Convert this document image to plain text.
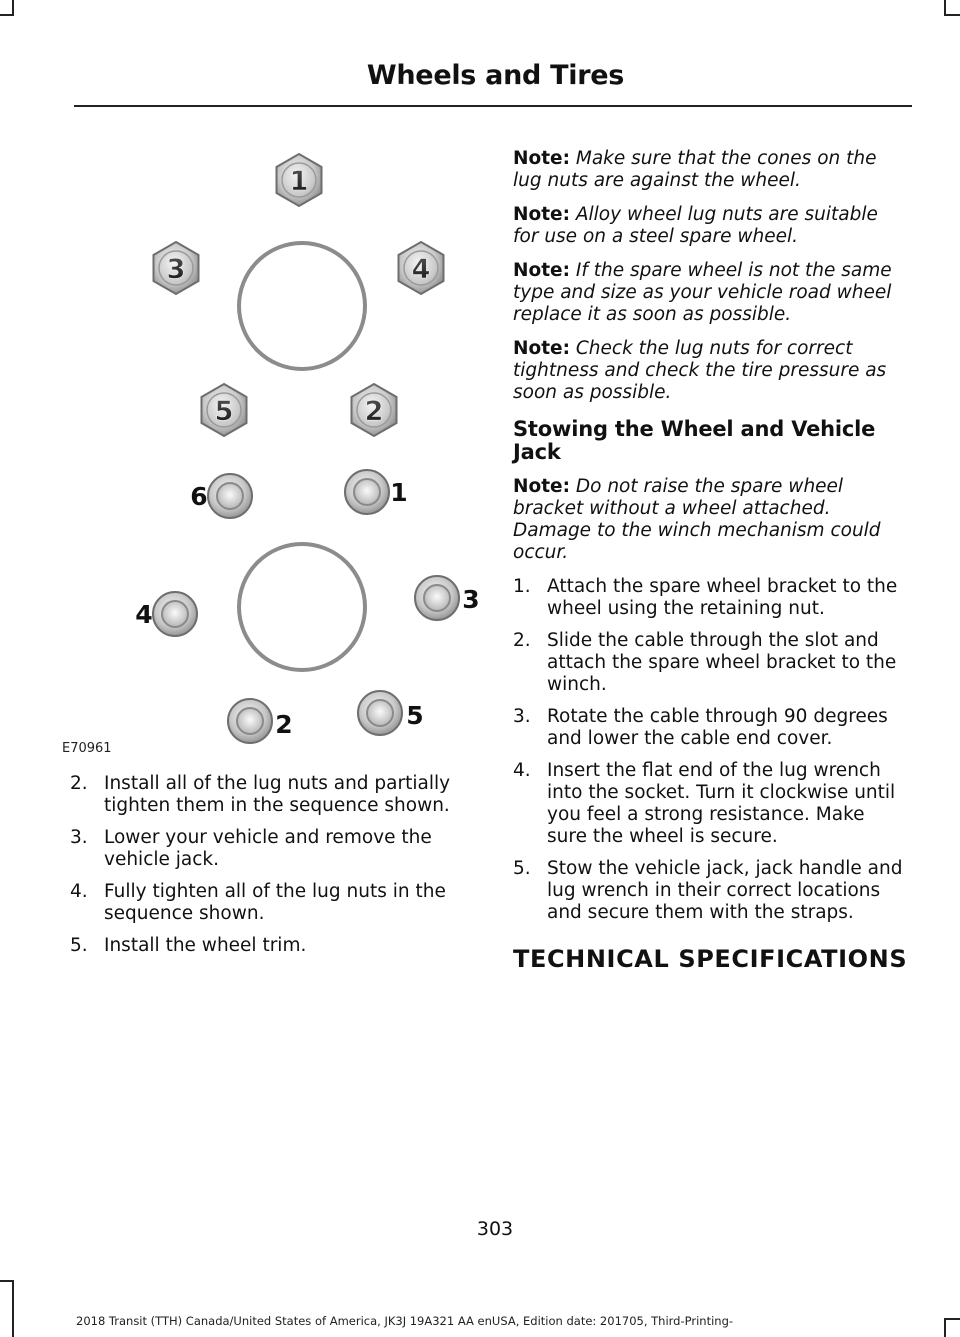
Wheels and Tires
1
3	4
5	2
6	1
4
3
2	5
E70961
2. Install all of the lug nuts and partially tighten them in the sequence shown.
3. Lower your vehicle and remove the vehicle jack.
4. Fully tighten all of the lug nuts in the sequence shown.
5. Install the wheel trim.

Note: Make sure that the cones on the lug nuts are against the wheel.

Note: Alloy wheel lug nuts are suitable for use on a steel spare wheel.

Note: If the spare wheel is not the same type and size as your vehicle road wheel replace it as soon as possible.

Note: Check the lug nuts for correct tightness and check the tire pressure as soon as possible.

Stowing the Wheel and Vehicle Jack

Note: Do not raise the spare wheel bracket without a wheel attached. Damage to the winch mechanism could occur.

1. Attach the spare wheel bracket to the wheel using the retaining nut.
2. Slide the cable through the slot and attach the spare wheel bracket to the winch.
3. Rotate the cable through 90 degrees and lower the cable end cover.
4. Insert the flat end of the lug wrench into the socket. Turn it clockwise until you feel a strong resistance. Make sure the wheel is secure.
5. Stow the vehicle jack, jack handle and lug wrench in their correct locations and secure them with the straps.
TECHNICAL SPECIFICATIONS
303
2018 Transit (TTH) Canada/United States of America, JK3J 19A321 AA enUSA, Edition date: 201705, Third-Printing-
